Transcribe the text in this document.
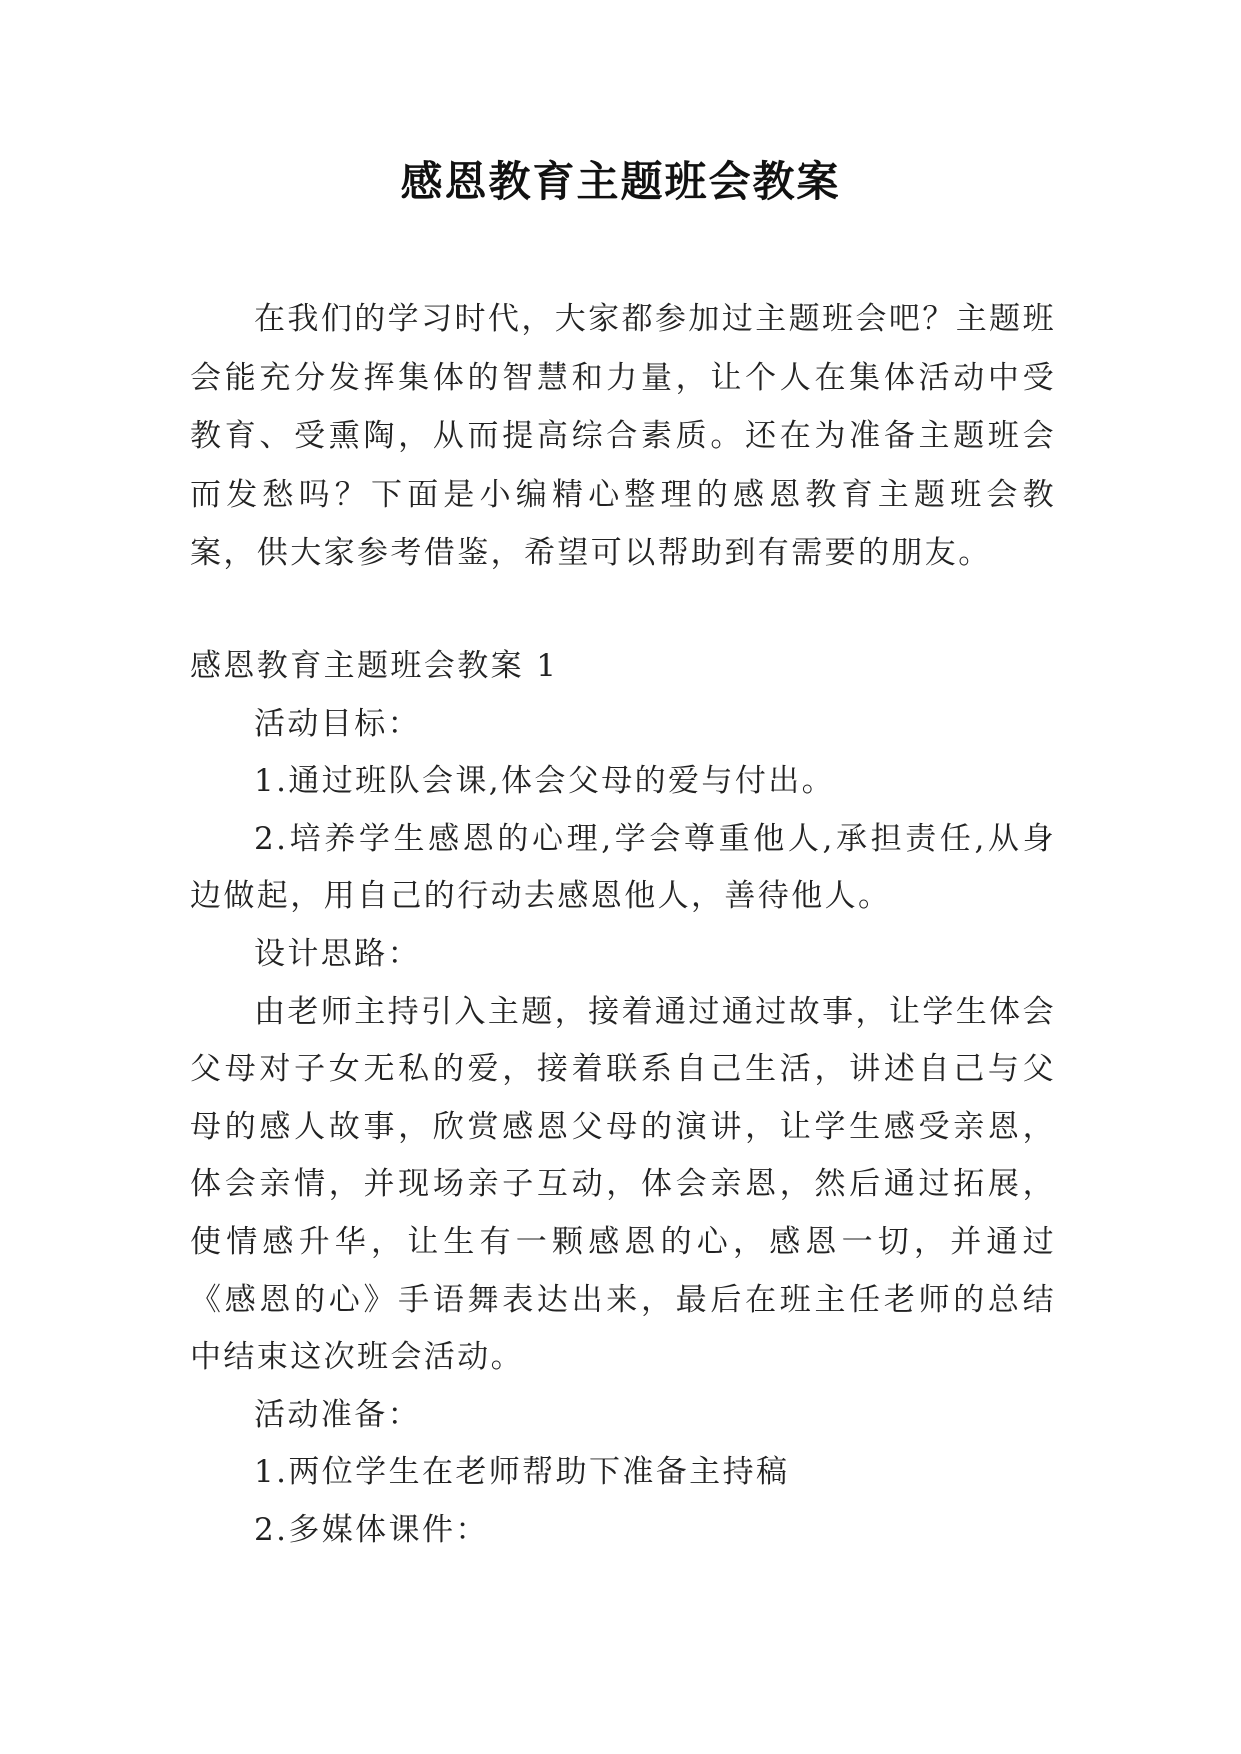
感恩教育主题班会教案
在我们的学习时代，大家都参加过主题班会吧？主题班会能充分发挥集体的智慧和力量，让个人在集体活动中受教育、受熏陶，从而提高综合素质。还在为准备主题班会而发愁吗？下面是小编精心整理的感恩教育主题班会教案，供大家参考借鉴，希望可以帮助到有需要的朋友。

感恩教育主题班会教案 1

活动目标：

1.通过班队会课,体会父母的爱与付出。

2.培养学生感恩的心理,学会尊重他人,承担责任,从身边做起，用自己的行动去感恩他人，善待他人。

设计思路：

由老师主持引入主题，接着通过通过故事，让学生体会父母对子女无私的爱，接着联系自己生活，讲述自己与父母的感人故事，欣赏感恩父母的演讲，让学生感受亲恩，体会亲情，并现场亲子互动，体会亲恩，然后通过拓展，使情感升华，让生有一颗感恩的心，感恩一切，并通过《感恩的心》手语舞表达出来，最后在班主任老师的总结中结束这次班会活动。

活动准备：

1.两位学生在老师帮助下准备主持稿

2.多媒体课件：
